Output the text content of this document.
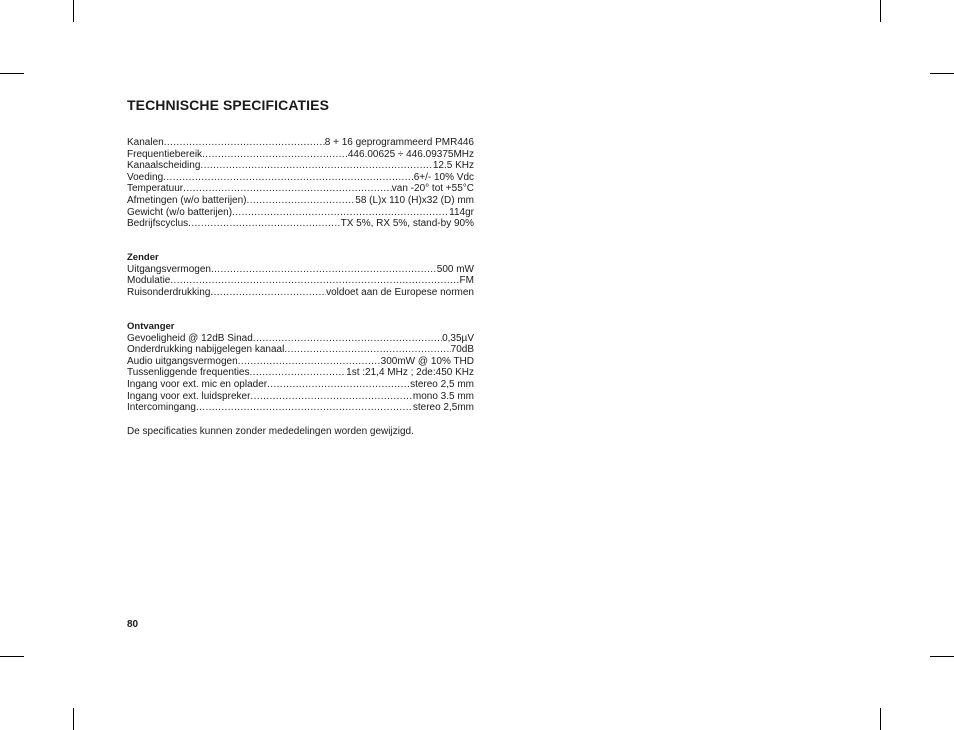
TECHNISCHE SPECIFICATIES
Kanalen .....	8 + 16 geprogrammeerd PMR446
Frequentiebereik .....	446.00625 ÷ 446.09375MHz
Kanaalscheiding .....	12.5 KHz
Voeding .....	6+/- 10% Vdc
Temperatuur .....	van -20° tot +55°C
Afmetingen (w/o batterijen) .....	58 (L)x 110 (H)x32 (D) mm
Gewicht (w/o batterijen) .....	114gr
Bedrijfscyclus .....	TX 5%, RX 5%, stand-by 90%
Zender
Uitgangsvermogen .....	500 mW
Modulatie .....	FM
Ruisonderdrukking .....	voldoet aan de Europese normen
Ontvanger
Gevoeligheid @ 12dB Sinad .....	0,35µV
Onderdrukking nabijgelegen kanaal .....	70dB
Audio uitgangsvermogen .....	300mW @ 10% THD
Tussenliggende frequenties .....	1st :21,4 MHz ; 2de:450 KHz
Ingang voor ext. mic en oplader .....	stereo 2,5 mm
Ingang voor ext. luidspreker .....	mono 3.5 mm
Intercomingang .....	stereo 2,5mm
De specificaties kunnen zonder mededelingen worden gewijzigd.
80
